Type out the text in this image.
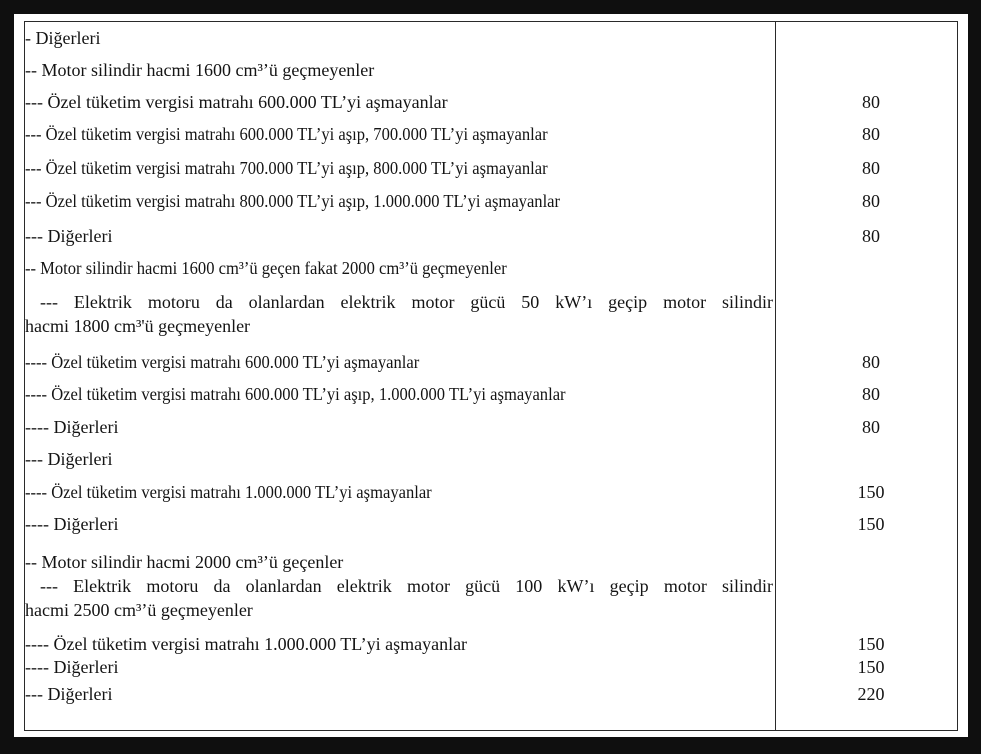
- Diğerleri
-- Motor silindir hacmi 1600 cm³’ü geçmeyenler
--- Özel tüketim vergisi matrahı 600.000 TL’yi aşmayanlar	80
--- Özel tüketim vergisi matrahı 600.000 TL’yi aşıp, 700.000 TL’yi aşmayanlar	80
--- Özel tüketim vergisi matrahı 700.000 TL’yi aşıp, 800.000 TL’yi aşmayanlar	80
--- Özel tüketim vergisi matrahı 800.000 TL’yi aşıp, 1.000.000 TL’yi aşmayanlar	80
--- Diğerleri	80
-- Motor silindir hacmi 1600 cm³’ü geçen fakat 2000 cm³’ü geçmeyenler
--- Elektrik motoru da olanlardan elektrik motor gücü 50 kW’ı geçip motor silindir
hacmi 1800 cm³'ü geçmeyenler
---- Özel tüketim vergisi matrahı 600.000 TL’yi aşmayanlar	80
---- Özel tüketim vergisi matrahı 600.000 TL’yi aşıp, 1.000.000 TL’yi aşmayanlar	80
---- Diğerleri	80
--- Diğerleri
---- Özel tüketim vergisi matrahı 1.000.000 TL’yi aşmayanlar	150
---- Diğerleri	150
-- Motor silindir hacmi 2000 cm³’ü geçenler
--- Elektrik motoru da olanlardan elektrik motor gücü 100 kW’ı geçip motor silindir
hacmi 2500 cm³’ü geçmeyenler
---- Özel tüketim vergisi matrahı 1.000.000 TL’yi aşmayanlar	150
---- Diğerleri	150
--- Diğerleri	220
